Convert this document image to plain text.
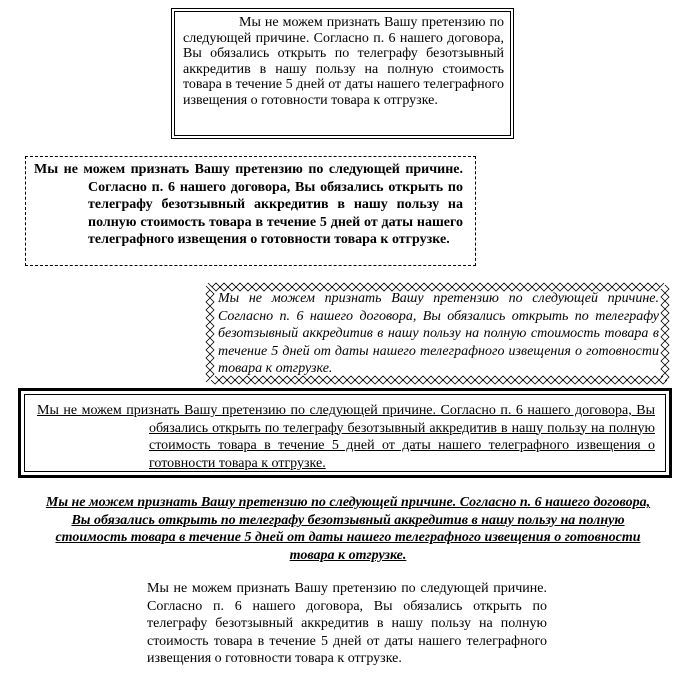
Мы не можем признать Вашу претензию по следующей причине. Согласно п. 6 нашего договора, Вы обязались открыть по телеграфу безотзывный аккредитив в нашу пользу на полную стоимость товара в течение 5 дней от даты нашего телеграфного извещения о готовности товара к отгрузке.

Мы не можем признать Вашу претензию по следующей причине. Согласно п. 6 нашего договора, Вы обязались открыть по телеграфу безотзывный аккредитив в нашу пользу на полную стоимость товара в течение 5 дней от даты нашего телеграфного извещения о готовности товара к отгрузке.

Мы не можем признать Вашу претензию по следующей причине. Согласно п. 6 нашего договора, Вы обязались открыть по телеграфу безотзывный аккредитив в нашу пользу на полную стоимость товара в течение 5 дней от даты нашего телеграфного извещения о готовности товара к отгрузке.

Мы не можем признать Вашу претензию по следующей причине. Согласно п. 6 нашего договора, Вы обязались открыть по телеграфу безотзывный аккредитив в нашу пользу на полную стоимость товара в течение 5 дней от даты нашего телеграфного извещения о готовности товара к отгрузке.

Мы не можем признать Вашу претензию по следующей причине. Согласно п. 6 нашего договора, Вы обязались открыть по телеграфу безотзывный аккредитив в нашу пользу на полную стоимость товара в течение 5 дней от даты нашего телеграфного извещения о готовности товара к отгрузке.

Мы не можем признать Вашу претензию по следующей причине. Согласно п. 6 нашего договора, Вы обязались открыть по телеграфу безотзывный аккредитив в нашу пользу на полную стоимость товара в течение 5 дней от даты нашего телеграфного извещения о готовности товара к отгрузке.
